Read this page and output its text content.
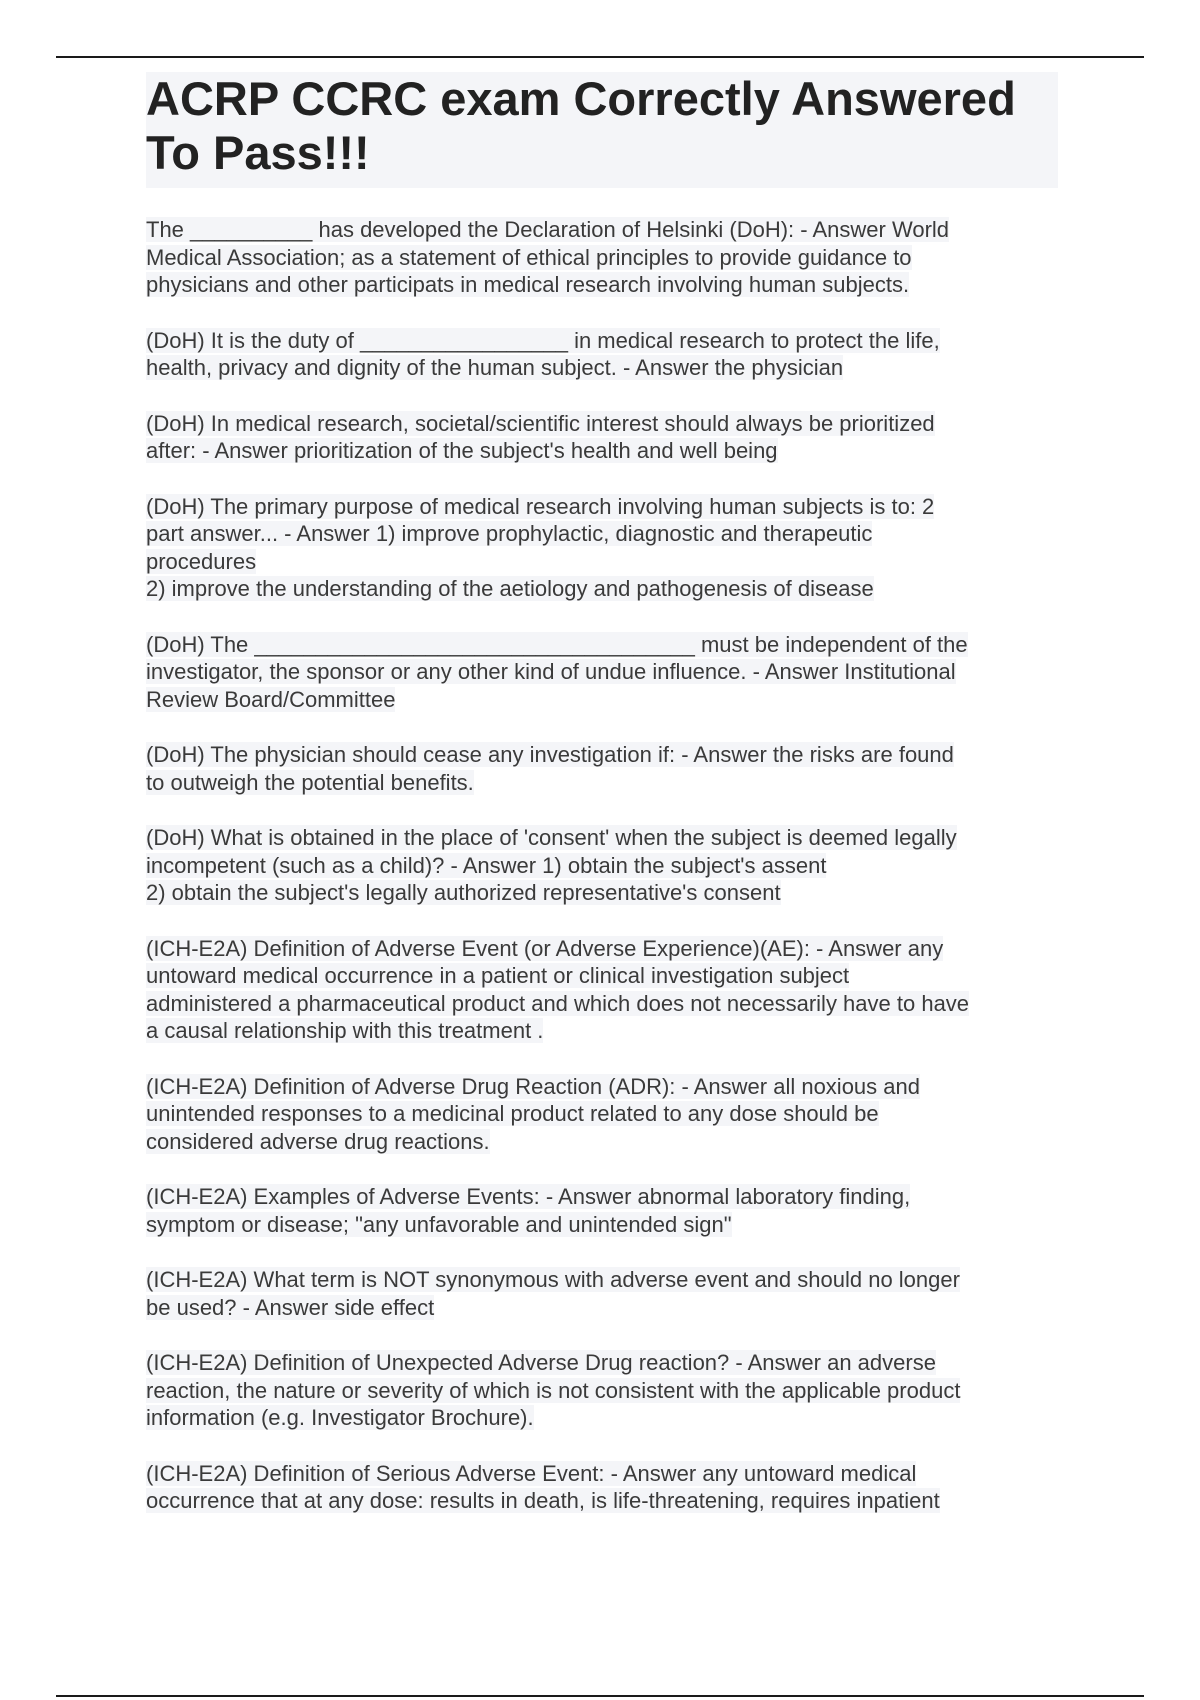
ACRP CCRC exam Correctly Answered
To Pass!!!

The __________ has developed the Declaration of Helsinki (DoH): - Answer World
Medical Association; as a statement of ethical principles to provide guidance to
physicians and other participats in medical research involving human subjects.

(DoH) It is the duty of _________________ in medical research to protect the life,
health, privacy and dignity of the human subject. - Answer the physician

(DoH) In medical research, societal/scientific interest should always be prioritized
after: - Answer prioritization of the subject's health and well being

(DoH) The primary purpose of medical research involving human subjects is to: 2
part answer... - Answer 1) improve prophylactic, diagnostic and therapeutic
procedures
2) improve the understanding of the aetiology and pathogenesis of disease

(DoH) The ____________________________________ must be independent of the
investigator, the sponsor or any other kind of undue influence. - Answer Institutional
Review Board/Committee

(DoH) The physician should cease any investigation if: - Answer the risks are found
to outweigh the potential benefits.

(DoH) What is obtained in the place of 'consent' when the subject is deemed legally
incompetent (such as a child)? - Answer 1) obtain the subject's assent
2) obtain the subject's legally authorized representative's consent

(ICH-E2A) Definition of Adverse Event (or Adverse Experience)(AE): - Answer any
untoward medical occurrence in a patient or clinical investigation subject
administered a pharmaceutical product and which does not necessarily have to have
a causal relationship with this treatment .

(ICH-E2A) Definition of Adverse Drug Reaction (ADR): - Answer all noxious and
unintended responses to a medicinal product related to any dose should be
considered adverse drug reactions.

(ICH-E2A) Examples of Adverse Events: - Answer abnormal laboratory finding,
symptom or disease; "any unfavorable and unintended sign"

(ICH-E2A) What term is NOT synonymous with adverse event and should no longer
be used? - Answer side effect

(ICH-E2A) Definition of Unexpected Adverse Drug reaction? - Answer an adverse
reaction, the nature or severity of which is not consistent with the applicable product
information (e.g. Investigator Brochure).

(ICH-E2A) Definition of Serious Adverse Event: - Answer any untoward medical
occurrence that at any dose: results in death, is life-threatening, requires inpatient
